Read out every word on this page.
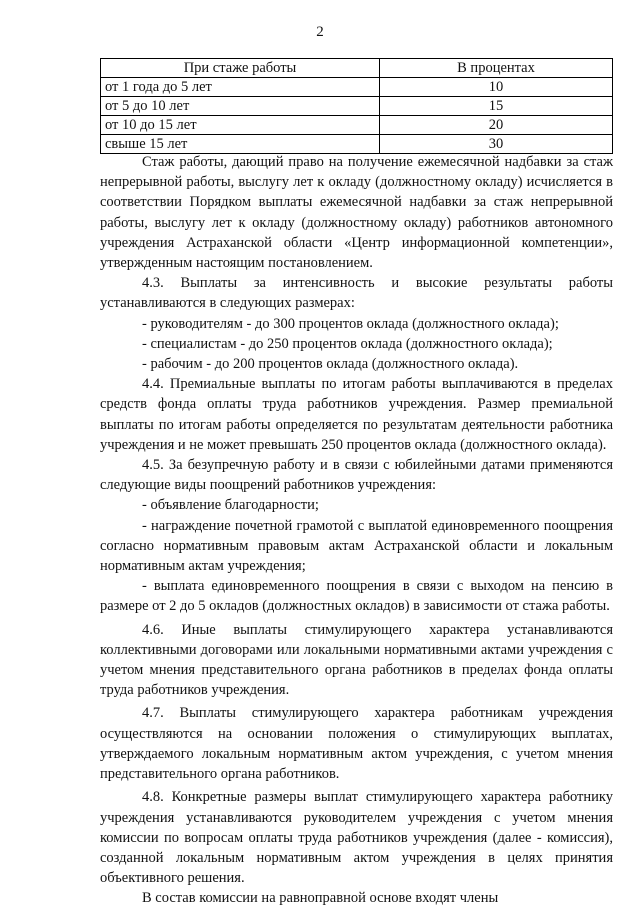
2
При стаже работы	В процентах
от 1 года до 5 лет	10
от 5 до 10 лет	15
от 10 до 15 лет	20
свыше 15 лет	30

Стаж работы, дающий право на получение ежемесячной надбавки за стаж непрерывной работы, выслугу лет к окладу (должностному окладу) исчисляется в соответствии Порядком выплаты ежемесячной надбавки за стаж непрерывной работы, выслугу лет к окладу (должностному окладу) работников автономного учреждения Астраханской области «Центр информационной компетенции», утвержденным настоящим постановлением.

4.3. Выплаты за интенсивность и высокие результаты работы устанавливаются в следующих размерах:

- руководителям - до 300 процентов оклада (должностного оклада);

- специалистам - до 250 процентов оклада (должностного оклада);

- рабочим - до 200 процентов оклада (должностного оклада).

4.4. Премиальные выплаты по итогам работы выплачиваются в пределах средств фонда оплаты труда работников учреждения. Размер премиальной выплаты по итогам работы определяется по результатам деятельности работника учреждения и не может превышать 250 процентов оклада (должностного оклада).

4.5. За безупречную работу и в связи с юбилейными датами применяются следующие виды поощрений работников учреждения:

- объявление благодарности;

- награждение почетной грамотой с выплатой единовременного поощрения согласно нормативным правовым актам Астраханской области и локальным нормативным актам учреждения;

- выплата единовременного поощрения в связи с выходом на пенсию в размере от 2 до 5 окладов (должностных окладов) в зависимости от стажа работы.

4.6. Иные выплаты стимулирующего характера устанавливаются коллективными договорами или локальными нормативными актами учреждения с учетом мнения представительного органа работников в пределах фонда оплаты труда работников учреждения.

4.7. Выплаты стимулирующего характера работникам учреждения осуществляются на основании положения о стимулирующих выплатах, утверждаемого локальным нормативным актом учреждения, с учетом мнения представительного органа работников.

4.8. Конкретные размеры выплат стимулирующего характера работнику учреждения устанавливаются руководителем учреждения с учетом мнения комиссии по вопросам оплаты труда работников учреждения (далее - комиссия), созданной локальным нормативным актом учреждения в целях принятия объективного решения.

В состав комиссии на равноправной основе входят члены
